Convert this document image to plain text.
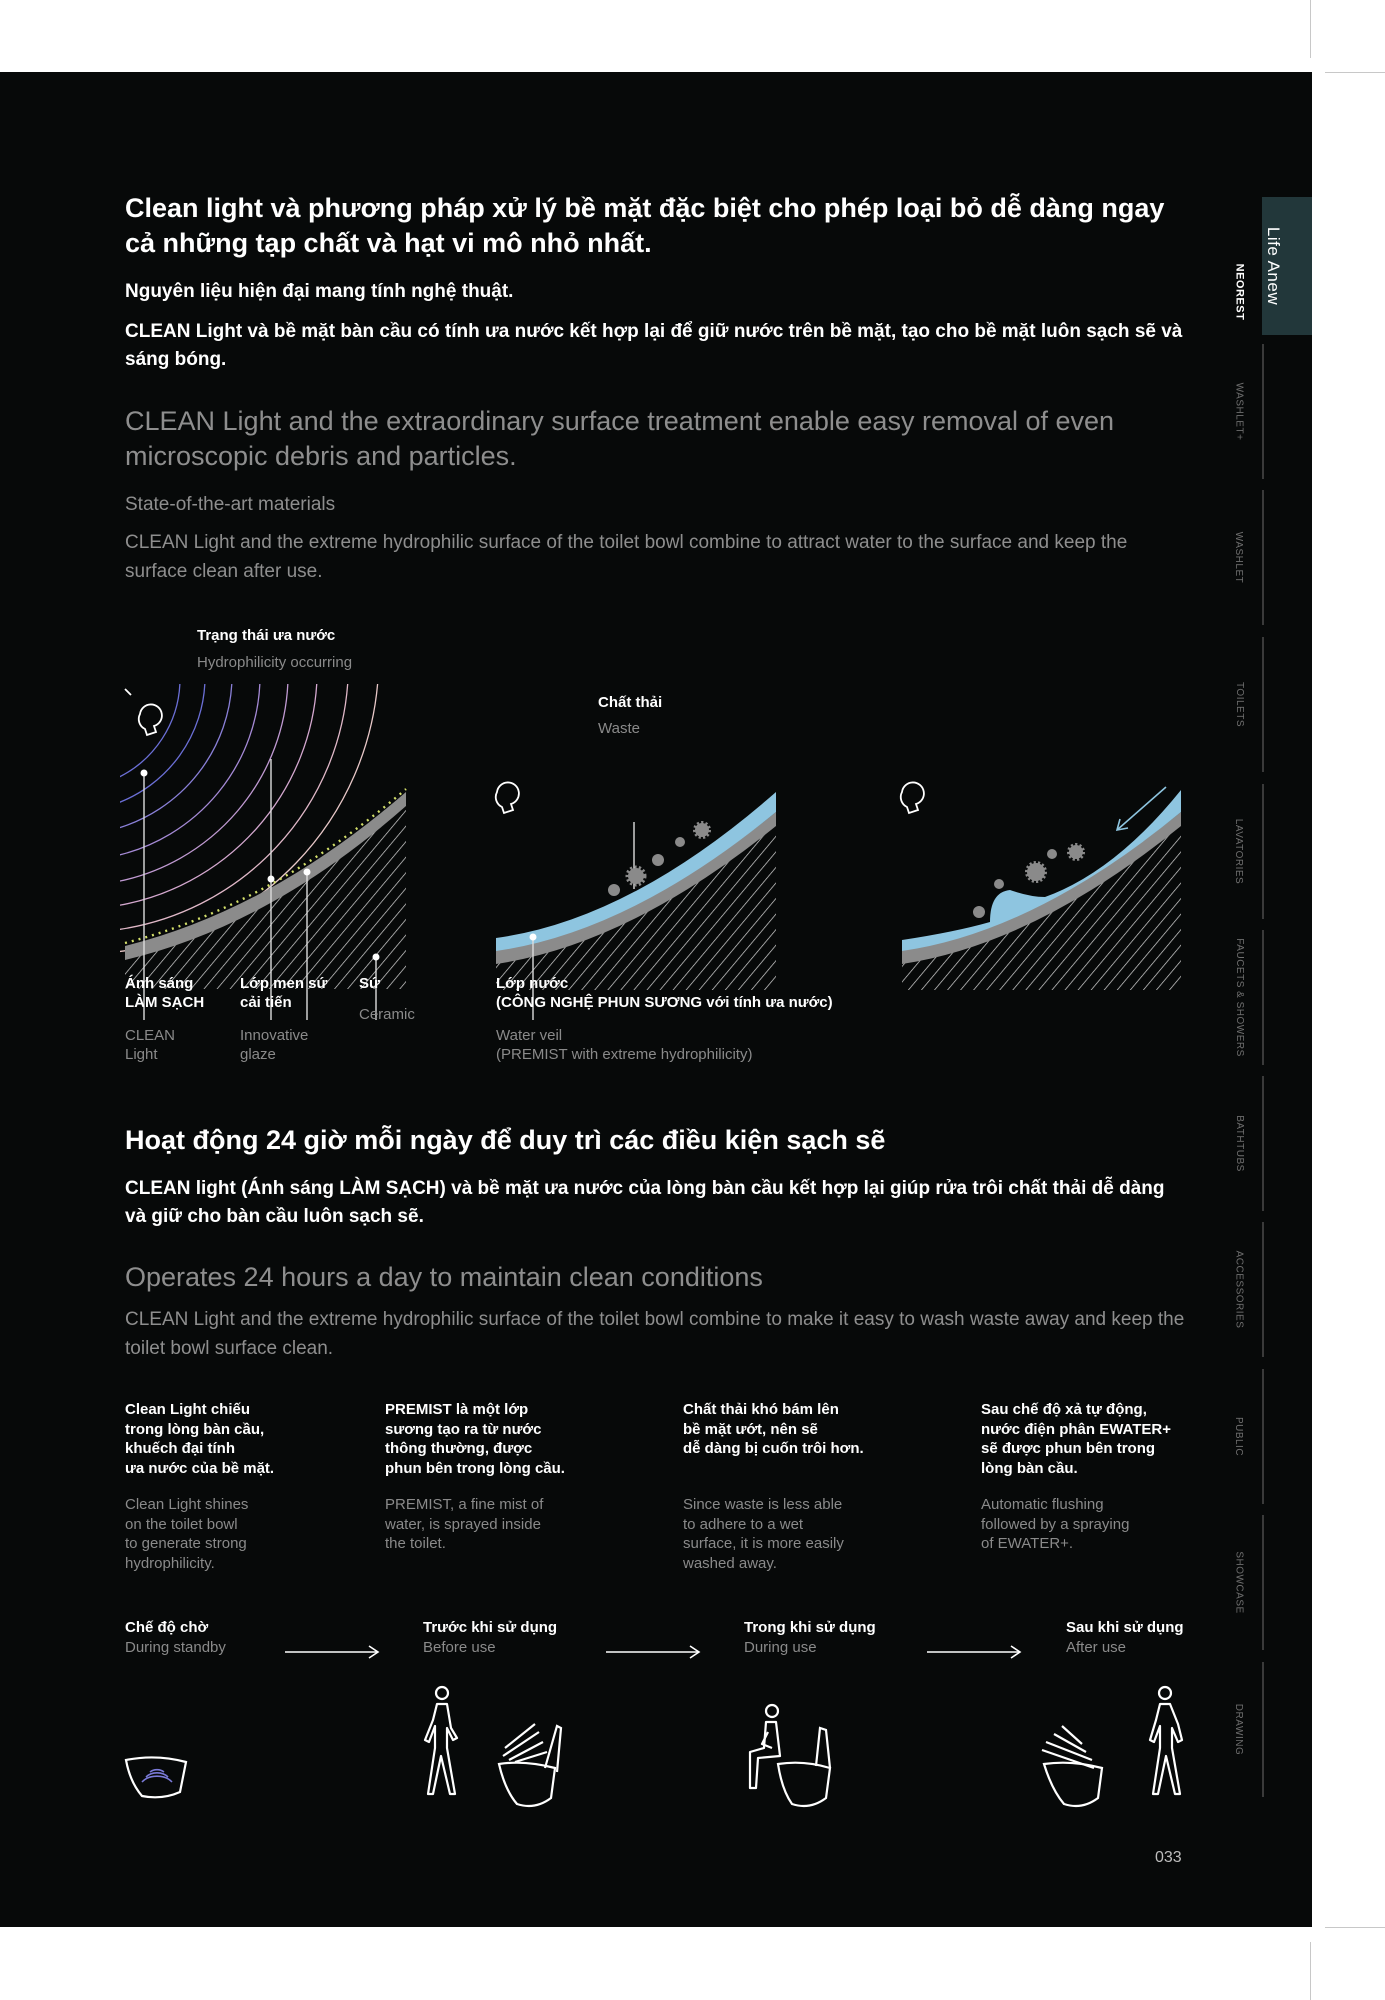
Clean light và phương pháp xử lý bề mặt đặc biệt cho phép loại bỏ dễ dàng ngay cả những tạp chất và hạt vi mô nhỏ nhất.
Nguyên liệu hiện đại mang tính nghệ thuật.
CLEAN Light và bề mặt bàn cầu có tính ưa nước kết hợp lại để giữ nước trên bề mặt, tạo cho bề mặt luôn sạch sẽ và sáng bóng.
CLEAN Light and the extraordinary surface treatment enable easy removal of even microscopic debris and particles.
State-of-the-art materials
CLEAN Light and the extreme hydrophilic surface of the toilet bowl combine to attract water to the surface and keep the surface clean after use.
Trạng thái ưa nước
Hydrophilicity occurring
Chất thải
Waste
Ánh sáng
LÀM SẠCH
CLEAN
Light
Lớp men sứ
cải tiến
Innovative
glaze
Sứ
Ceramic
Lớp nước
(CÔNG NGHỆ PHUN SƯƠNG với tính ưa nước)
Water veil
(PREMIST with extreme hydrophilicity)
Hoạt động 24 giờ mỗi ngày để duy trì các điều kiện sạch sẽ
CLEAN light (Ánh sáng LÀM SẠCH) và bề mặt ưa nước của lòng bàn cầu kết hợp lại giúp rửa trôi chất thải dễ dàng và giữ cho bàn cầu luôn sạch sẽ.
Operates 24 hours a day to maintain clean conditions
CLEAN Light and the extreme hydrophilic surface of the toilet bowl combine to make it easy to wash waste away and keep the toilet bowl surface clean.
Clean Light chiếu
trong lòng bàn cầu,
khuếch đại tính
ưa nước của bề mặt.
Clean Light shines
on the toilet bowl
to generate strong
hydrophilicity.
PREMIST là một lớp
sương tạo ra từ nước
thông thường, được
phun bên trong lòng cầu.
PREMIST, a fine mist of
water, is sprayed inside
the toilet.
Chất thải khó bám lên
bề mặt ướt, nên sẽ
dễ dàng bị cuốn trôi hơn.
Since waste is less able
to adhere to a wet
surface, it is more easily
washed away.
Sau chế độ xả tự động,
nước điện phân EWATER+
sẽ được phun bên trong
lòng bàn cầu.
Automatic flushing
followed by a spraying
of EWATER+.
Chế độ chờ
During standby
Trước khi sử dụng
Before use
Trong khi sử dụng
During use
Sau khi sử dụng
After use
033
Life Anew
NEOREST
WASHLET+
WASHLET
TOILETS
LAVATORIES
FAUCETS & SHOWERS
BATHTUBS
ACCESSORIES
PUBLIC
SHOWCASE
DRAWING
